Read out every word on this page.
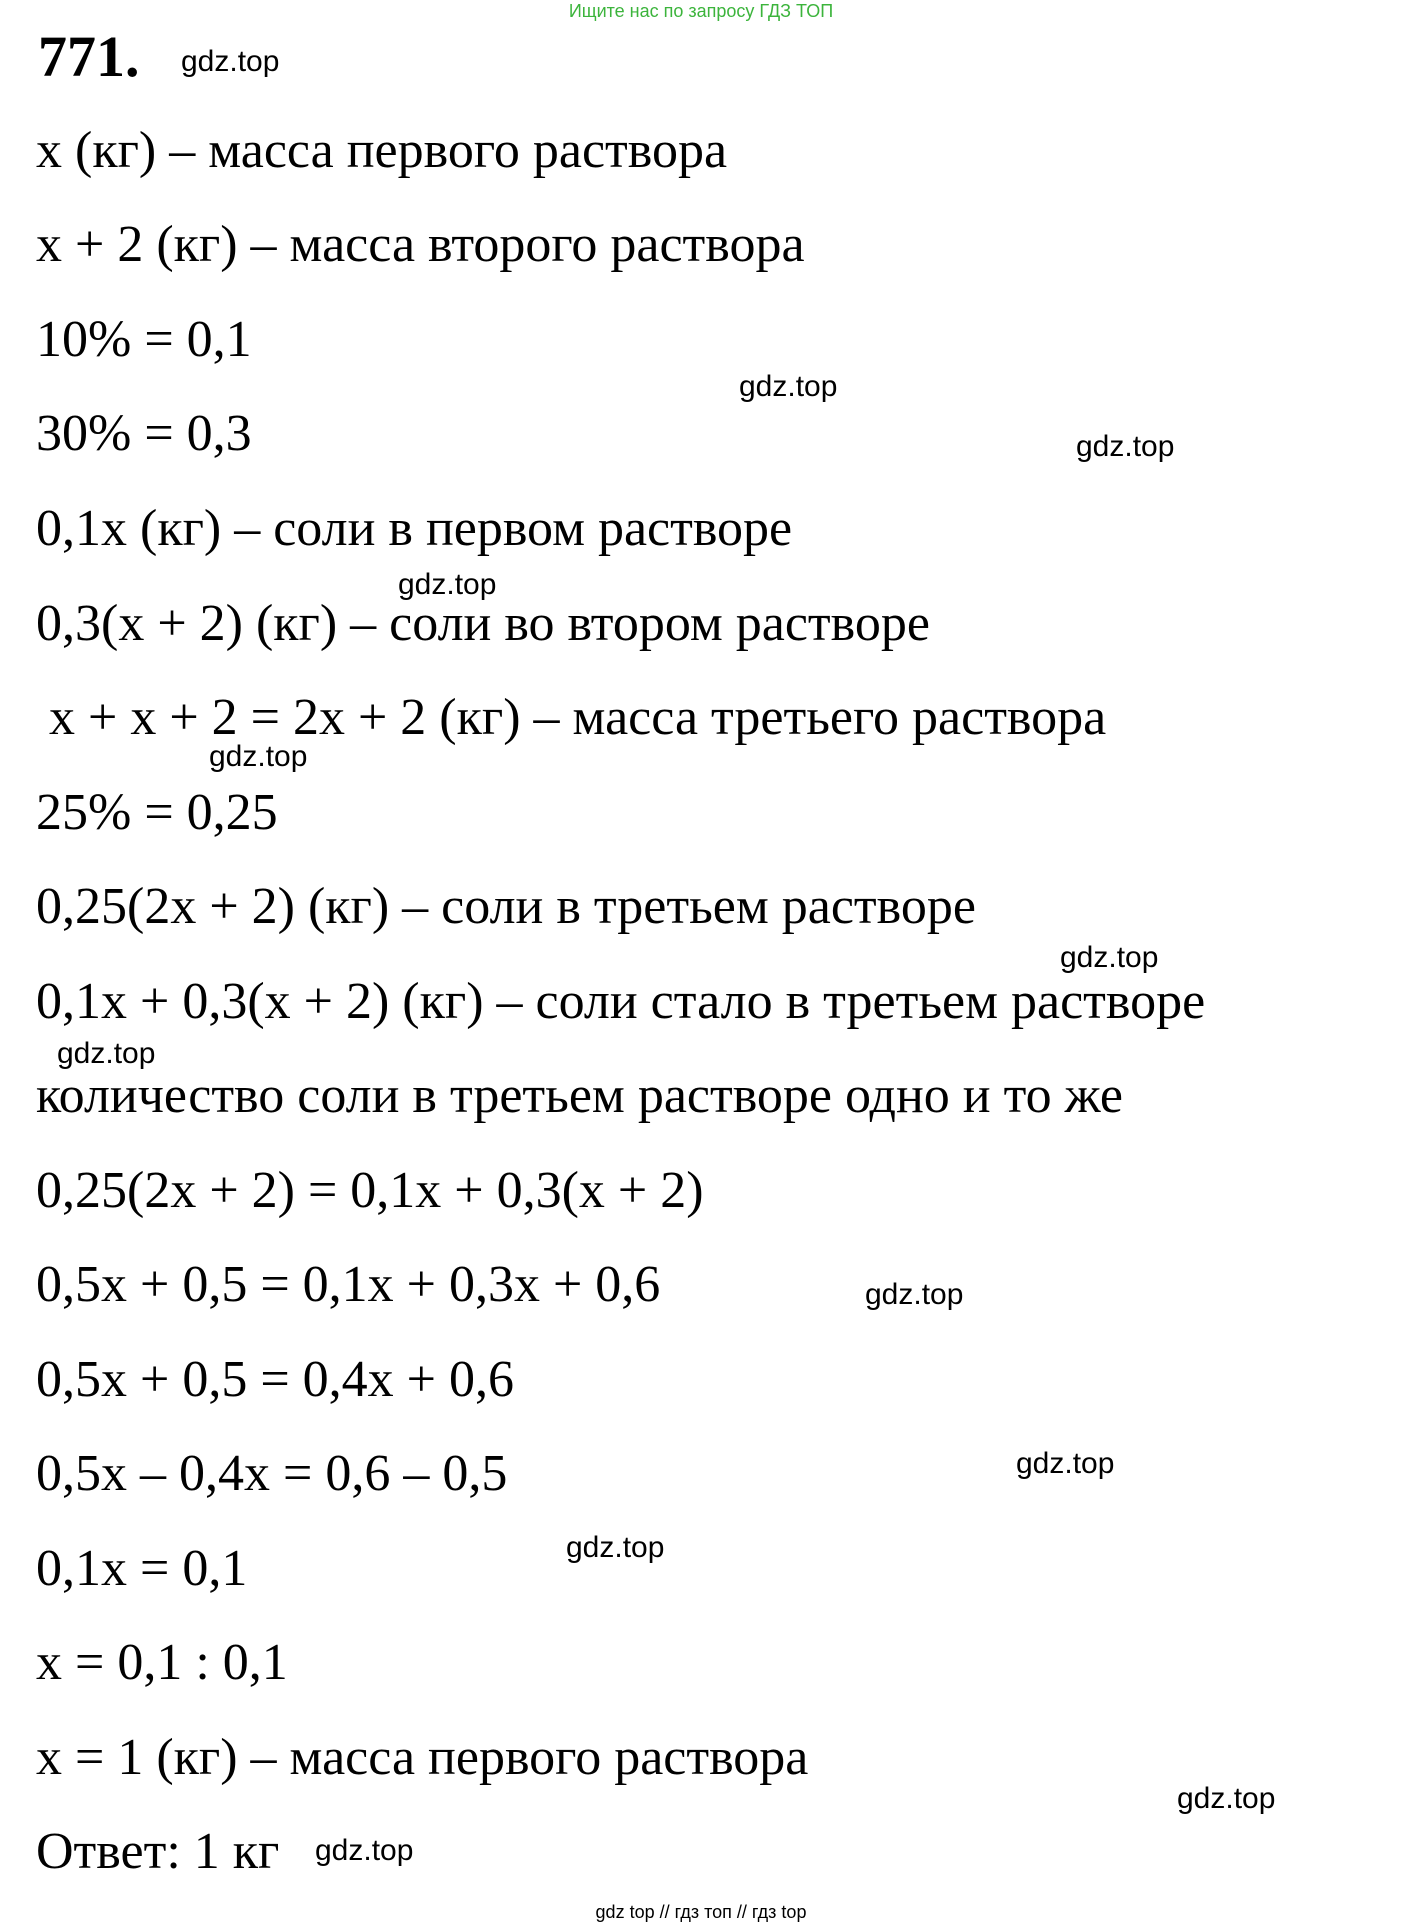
Ищите нас по запросу ГДЗ ТОП
771.
x (кг) – масса первого раствора
x + 2 (кг) – масса второго раствора
10% = 0,1
30% = 0,3
0,1x (кг) – соли в первом растворе
0,3(x + 2) (кг) – соли во втором растворе
x + x + 2 = 2x + 2 (кг) – масса третьего раствора
25% = 0,25
0,25(2x + 2) (кг) – соли в третьем растворе
0,1x + 0,3(x + 2) (кг) – соли стало в третьем растворе
количество соли в третьем растворе одно и то же
0,25(2x + 2) = 0,1x + 0,3(x + 2)
0,5x + 0,5 = 0,1x + 0,3x + 0,6
0,5x + 0,5 = 0,4x + 0,6
0,5x – 0,4x = 0,6 – 0,5
0,1x = 0,1
x = 0,1 : 0,1
x = 1 (кг) – масса первого раствора
Ответ: 1 кг
gdz.top
gdz.top
gdz.top
gdz.top
gdz.top
gdz.top
gdz.top
gdz.top
gdz.top
gdz.top
gdz.top
gdz.top
gdz top // гдз топ // гдз top
